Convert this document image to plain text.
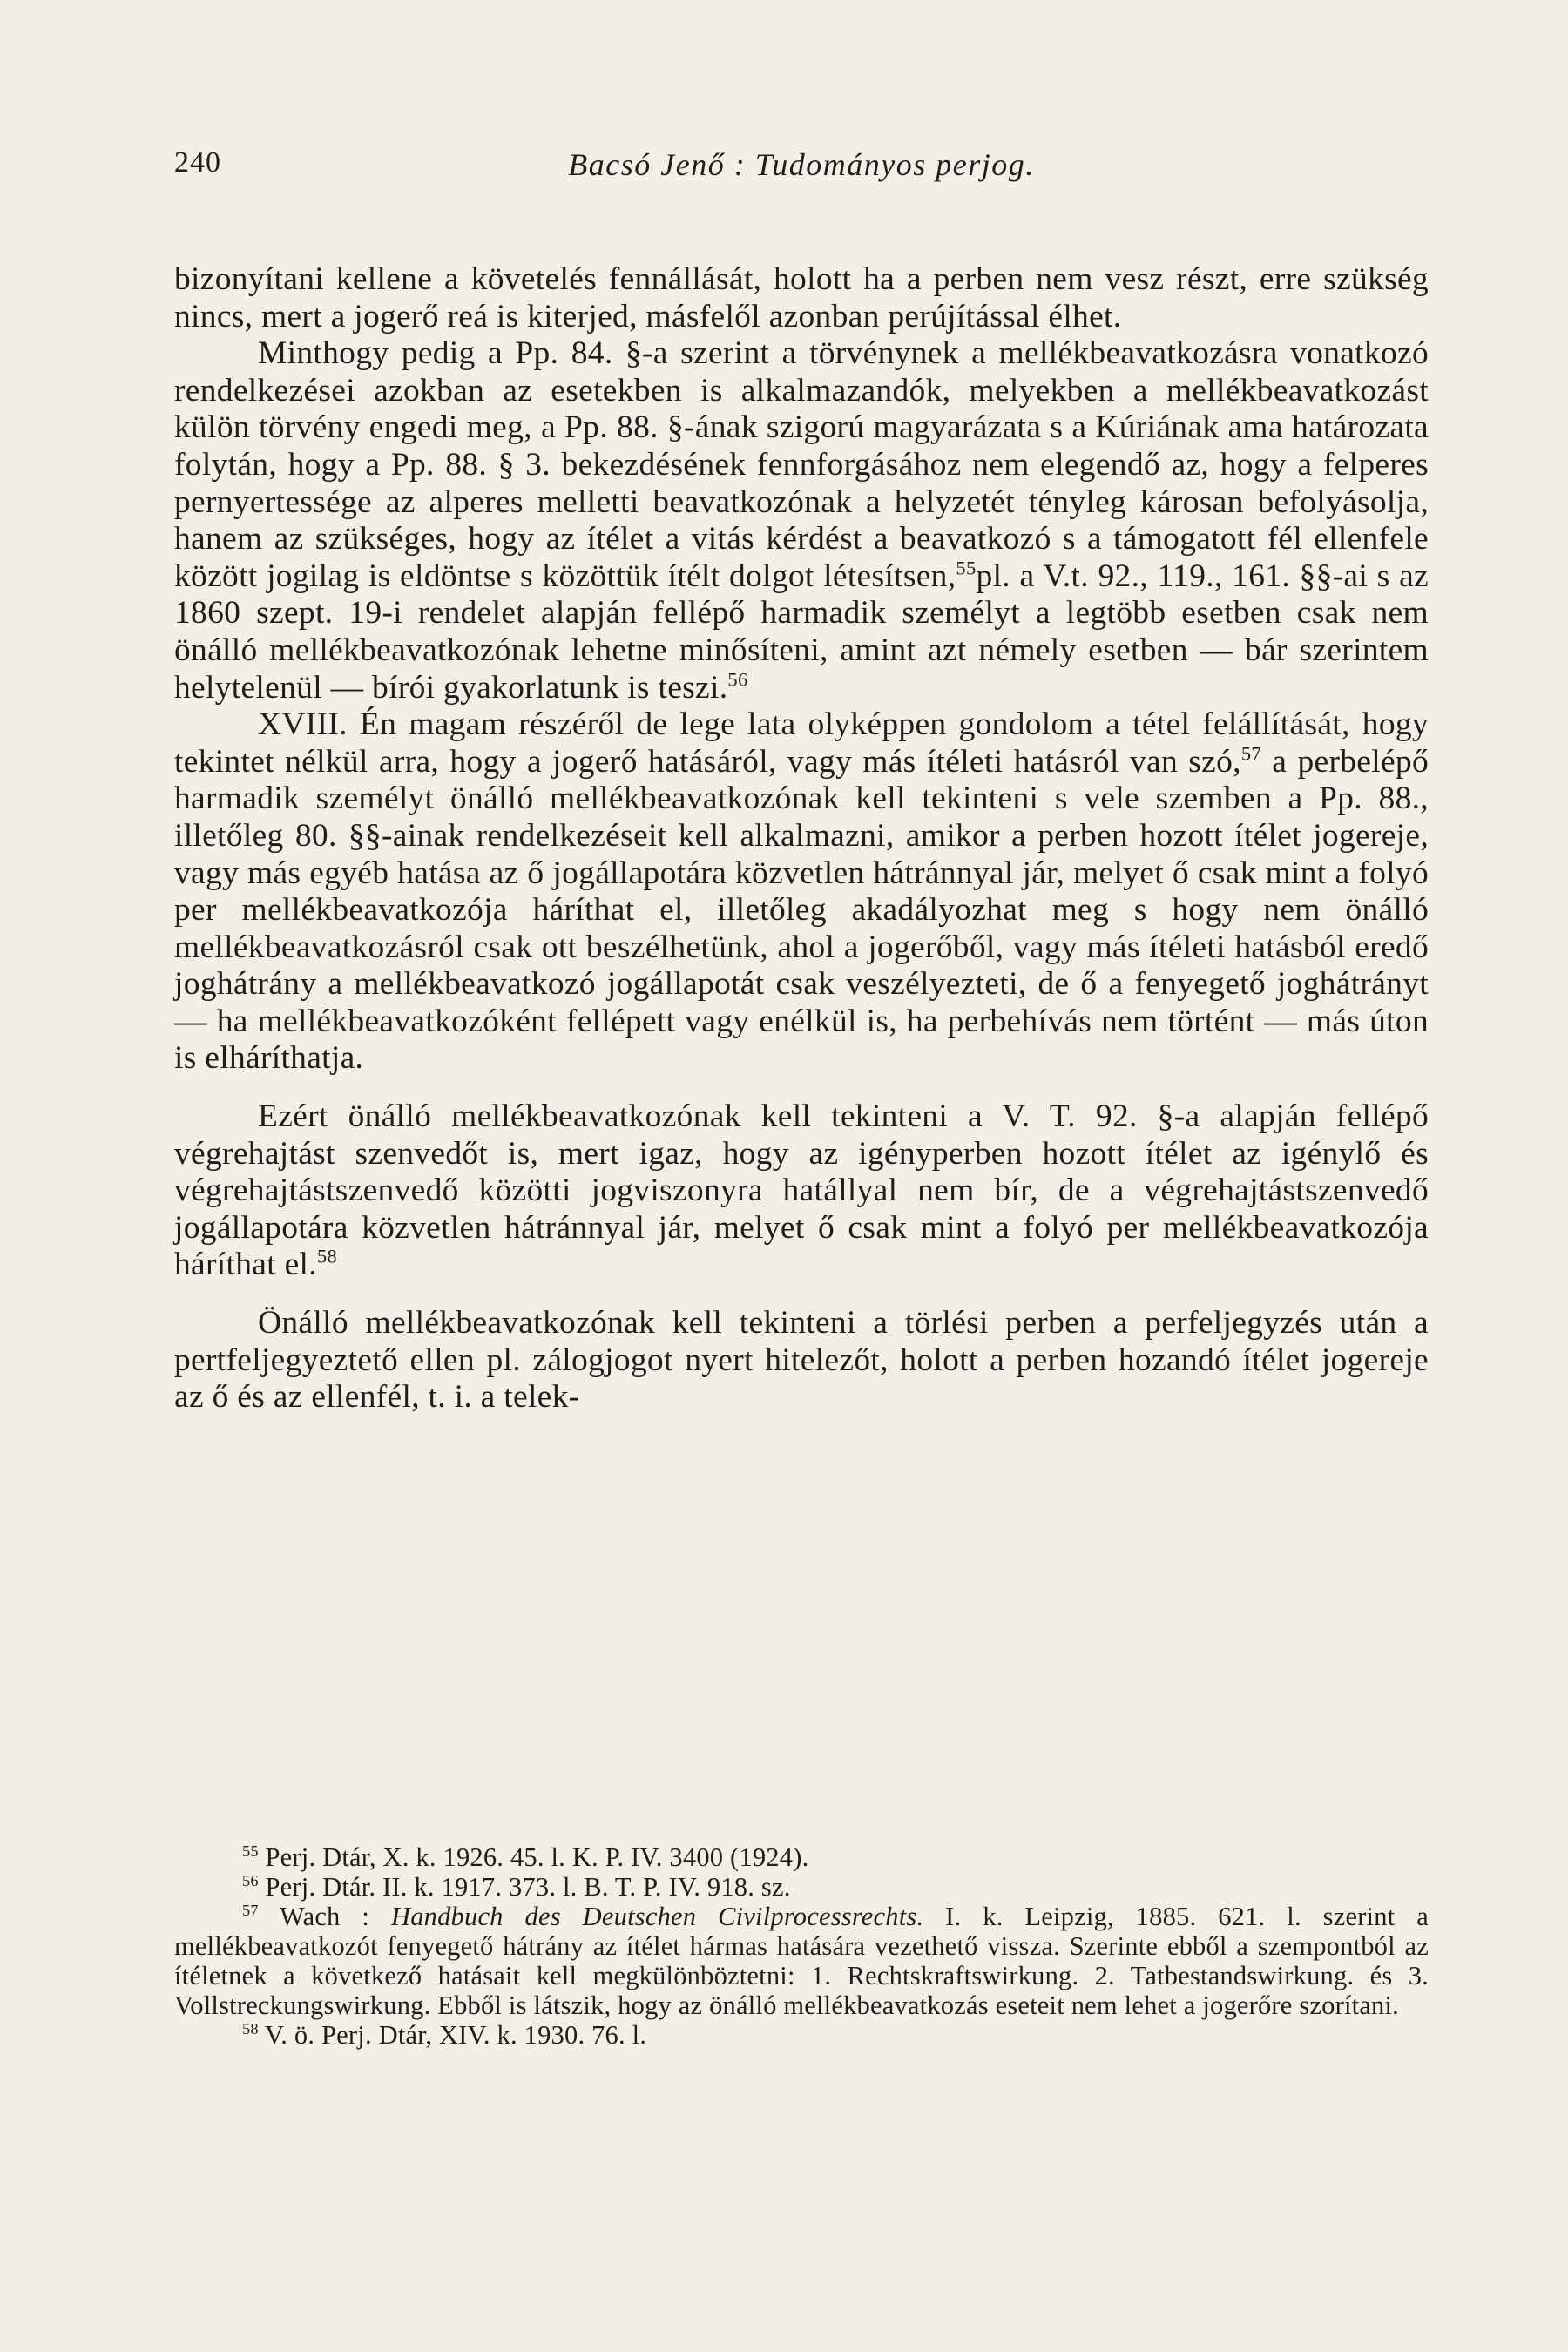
240	Bacsó Jenő : Tudományos perjog.

bizonyítani kellene a követelés fennállását, holott ha a perben nem vesz részt, erre szükség nincs, mert a jogerő reá is kiterjed, másfelől azonban perújítással élhet.

Minthogy pedig a Pp. 84. §-a szerint a törvénynek a mellékbeavatkozásra vonatkozó rendelkezései azokban az esetekben is alkalmazandók, melyekben a mellékbeavatkozást külön törvény engedi meg, a Pp. 88. §-ának szigorú magyarázata s a Kúriának ama határozata folytán, hogy a Pp. 88. § 3. bekezdésének fennforgásához nem elegendő az, hogy a felperes pernyertessége az alperes melletti beavatkozónak a helyzetét tényleg károsan befolyásolja, hanem az szükséges, hogy az ítélet a vitás kérdést a beavatkozó s a támogatott fél ellenfele között jogilag is eldöntse s közöttük ítélt dolgot létesítsen,$^{55}$pl. a V.t. 92., 119., 161. §§-ai s az 1860 szept. 19-i rendelet alapján fellépő harmadik személyt a legtöbb esetben csak nem önálló mellékbeavatkozónak lehetne minősíteni, amint azt némely esetben — bár szerintem helytelenül — bírói gyakorlatunk is teszi.$^{56}$

XVIII. Én magam részéről de lege lata olyképpen gondolom a tétel felállítását, hogy tekintet nélkül arra, hogy a jogerő hatásáról, vagy más ítéleti hatásról van szó,$^{57}$ a perbelépő harmadik személyt önálló mellékbeavatkozónak kell tekinteni s vele szemben a Pp. 88., illetőleg 80. §§-ainak rendelkezéseit kell alkalmazni, amikor a perben hozott ítélet jogereje, vagy más egyéb hatása az ő jogállapotára közvetlen hátránnyal jár, melyet ő csak mint a folyó per mellékbeavatkozója háríthat el, illetőleg akadályozhat meg s hogy nem önálló mellékbeavatkozásról csak ott beszélhetünk, ahol a jogerőből, vagy más ítéleti hatásból eredő joghátrány a mellékbeavatkozó jogállapotát csak veszélyezteti, de ő a fenyegető joghátrányt — ha mellékbeavatkozóként fellépett vagy enélkül is, ha perbehívás nem történt — más úton is elháríthatja.

Ezért önálló mellékbeavatkozónak kell tekinteni a V. T. 92. §-a alapján fellépő végrehajtást szenvedőt is, mert igaz, hogy az igényperben hozott ítélet az igénylő és végrehajtástszenvedő közötti jogviszonyra hatállyal nem bír, de a végrehajtástszenvedő jogállapotára közvetlen hátránnyal jár, melyet ő csak mint a folyó per mellékbeavatkozója háríthat el.$^{58}$

Önálló mellékbeavatkozónak kell tekinteni a törlési perben a perfeljegyzés után a pertfeljegyeztető ellen pl. zálogjogot nyert hitelezőt, holott a perben hozandó ítélet jogereje az ő és az ellenfél, t. i. a telek-

$^{55}$ Perj. Dtár, X. k. 1926. 45. l. K. P. IV. 3400 (1924).

$^{56}$ Perj. Dtár. II. k. 1917. 373. l. B. T. P. IV. 918. sz.

$^{57}$ Wach : Handbuch des Deutschen Civilprocessrechts. I. k. Leipzig, 1885. 621. l. szerint a mellékbeavatkozót fenyegető hátrány az ítélet hármas hatására vezethető vissza. Szerinte ebből a szempontból az ítéletnek a következő hatásait kell megkülönböztetni: 1. Rechtskraftswirkung. 2. Tatbestandswirkung. és 3. Vollstreckungswirkung. Ebből is látszik, hogy az önálló mellékbeavatkozás eseteit nem lehet a jogerőre szorítani.

$^{58}$ V. ö. Perj. Dtár, XIV. k. 1930. 76. l.
